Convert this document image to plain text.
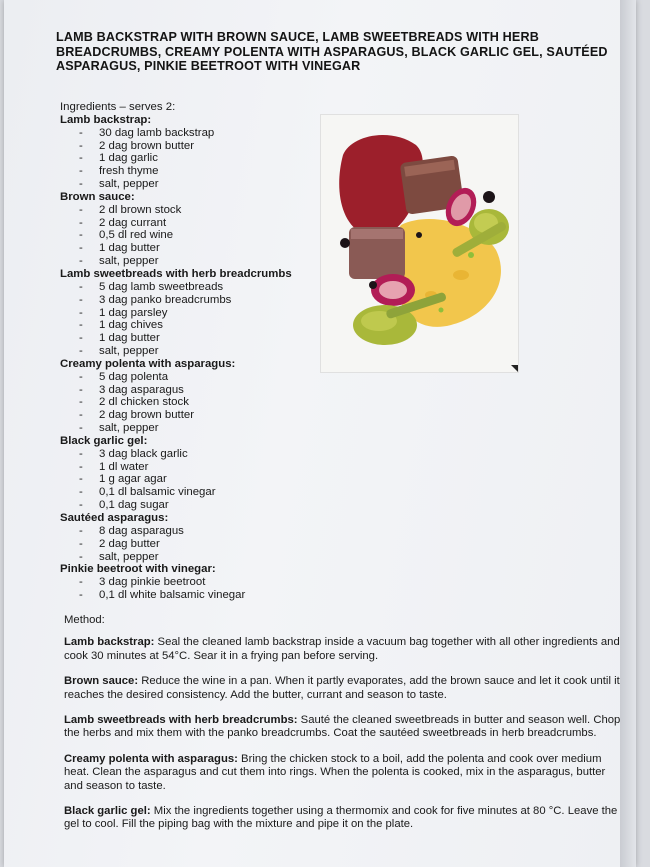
LAMB BACKSTRAP WITH BROWN SAUCE, LAMB SWEETBREADS WITH HERB BREADCRUMBS, CREAMY POLENTA WITH ASPARAGUS, BLACK GARLIC GEL, SAUTÉED ASPARAGUS, PINKIE BEETROOT WITH VINEGAR

Ingredients – serves 2:

Lamb backstrap:

- 30 dag lamb backstrap
- 2 dag brown butter
- 1 dag garlic
- fresh thyme
- salt, pepper

Brown sauce:

- 2 dl brown stock
- 2 dag currant
- 0,5 dl red wine
- 1 dag butter
- salt, pepper

Lamb sweetbreads with herb breadcrumbs

- 5 dag lamb sweetbreads
- 3 dag panko breadcrumbs
- 1 dag parsley
- 1 dag chives
- 1 dag butter
- salt, pepper

Creamy polenta with asparagus:

- 5 dag polenta
- 3 dag asparagus
- 2 dl chicken stock
- 2 dag brown butter
- salt, pepper

Black garlic gel:

- 3 dag black garlic
- 1 dl water
- 1 g agar agar
- 0,1 dl balsamic vinegar
- 0,1 dag sugar

Sautéed asparagus:

- 8 dag asparagus
- 2 dag butter
- salt, pepper

Pinkie beetroot with vinegar:

- 3 dag pinkie beetroot
- 0,1 dl white balsamic vinegar

Method:

Lamb backstrap: Seal the cleaned lamb backstrap inside a vacuum bag together with all other ingredients and cook 30 minutes at 54°C. Sear it in a frying pan before serving.

Brown sauce: Reduce the wine in a pan. When it partly evaporates, add the brown sauce and let it cook until it reaches the desired consistency. Add the butter, currant and season to taste.

Lamb sweetbreads with herb breadcrumbs: Sauté the cleaned sweetbreads in butter and season well. Chop the herbs and mix them with the panko breadcrumbs. Coat the sautéed sweetbreads in herb breadcrumbs.

Creamy polenta with asparagus: Bring the chicken stock to a boil, add the polenta and cook over medium heat. Clean the asparagus and cut them into rings. When the polenta is cooked, mix in the asparagus, butter and season to taste.

Black garlic gel: Mix the ingredients together using a thermomix and cook for five minutes at 80 °C. Leave the gel to cool. Fill the piping bag with the mixture and pipe it on the plate.
